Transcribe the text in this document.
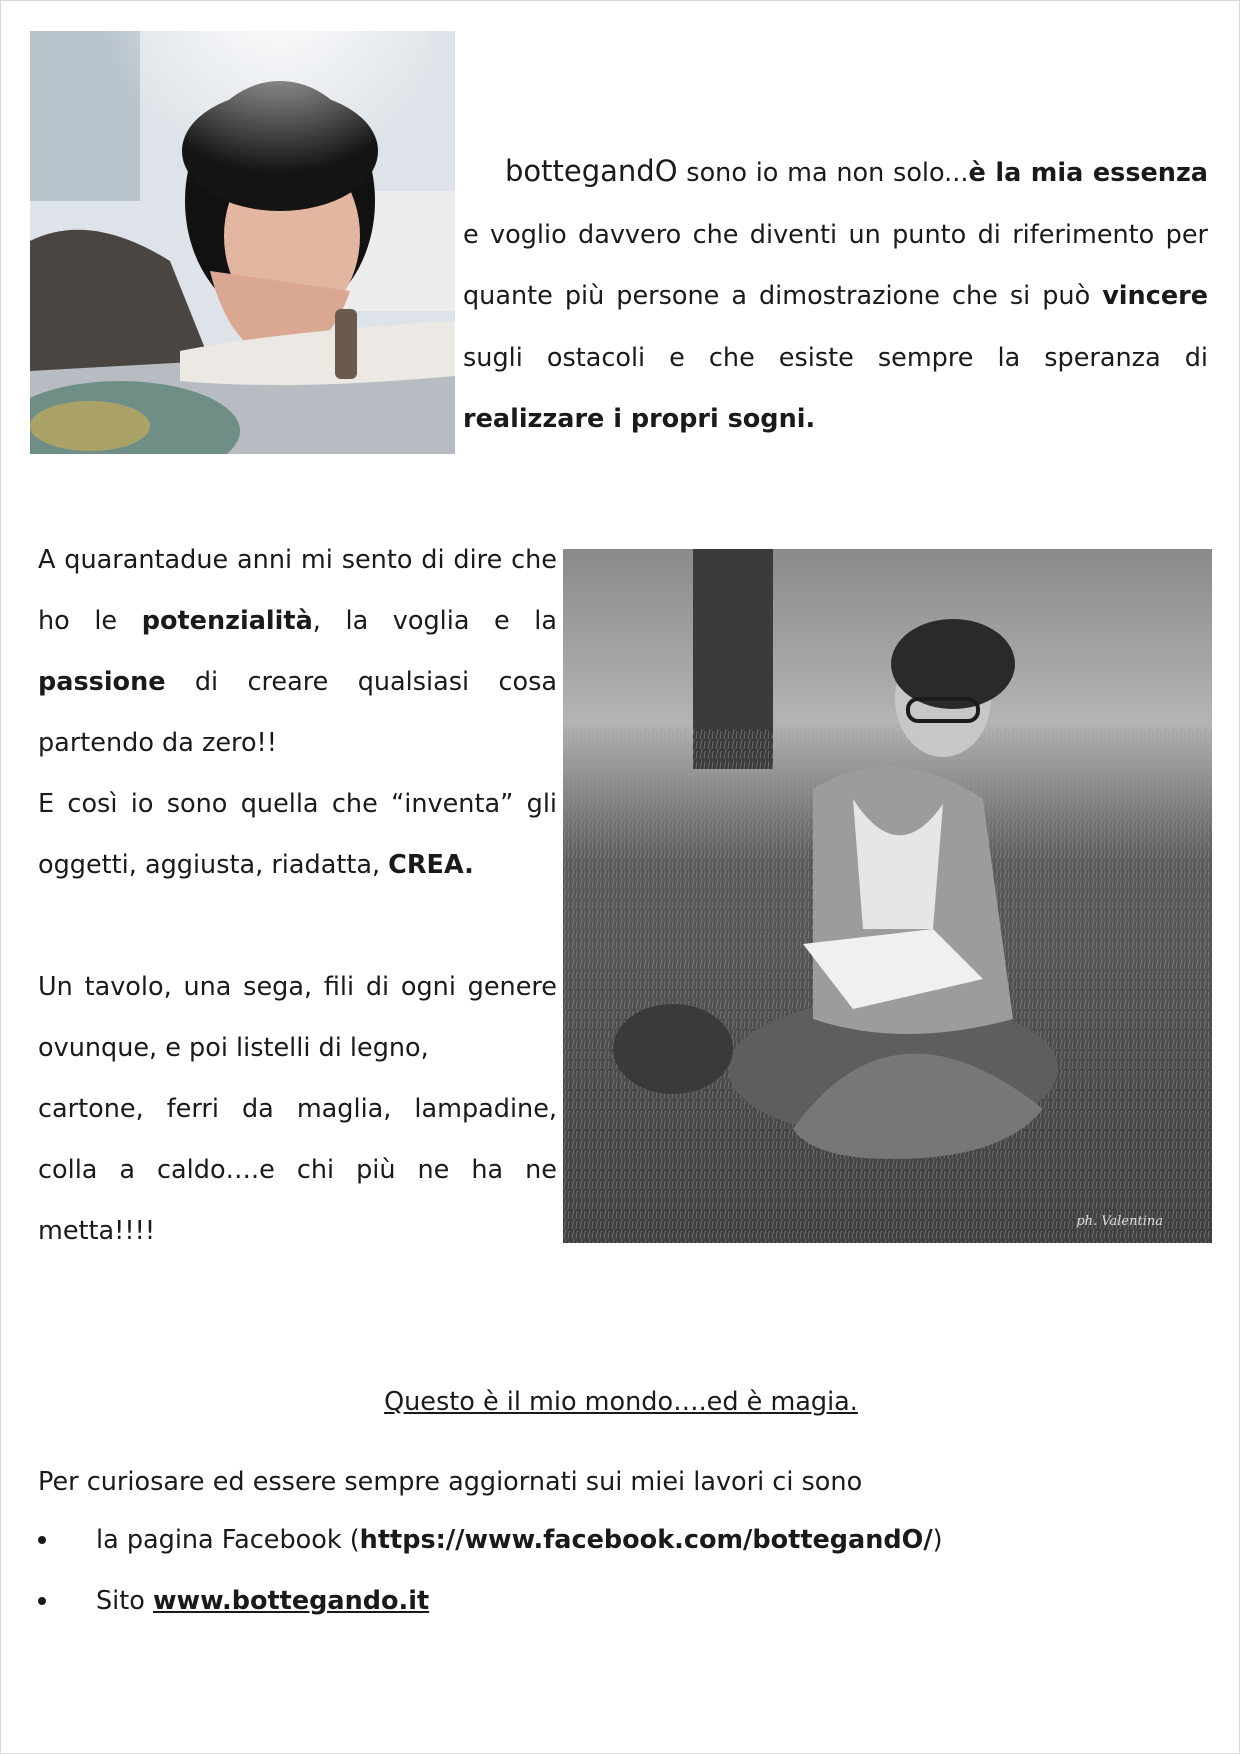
bottegandO sono io ma non solo...è la mia essenza e voglio davvero che diventi un punto di riferimento per quante più persone a dimostrazione che si può vincere sugli ostacoli e che esiste sempre la speranza di realizzare i propri sogni.

ph. Valentina

A quarantadue anni mi sento di dire che ho le potenzialità, la voglia e la passione di creare qualsiasi cosa partendo da zero!!

E così io sono quella che “inventa” gli oggetti, aggiusta, riadatta, CREA.

Un tavolo, una sega, fili di ogni genere ovunque, e poi listelli di legno,

cartone, ferri da maglia, lampadine, colla a caldo….e chi più ne ha ne metta!!!!

Questo è il mio mondo….ed è magia.

Per curiosare ed essere sempre aggiornati sui miei lavori ci sono

la pagina Facebook (https://www.facebook.com/bottegandO/)
Sito www.bottegando.it
